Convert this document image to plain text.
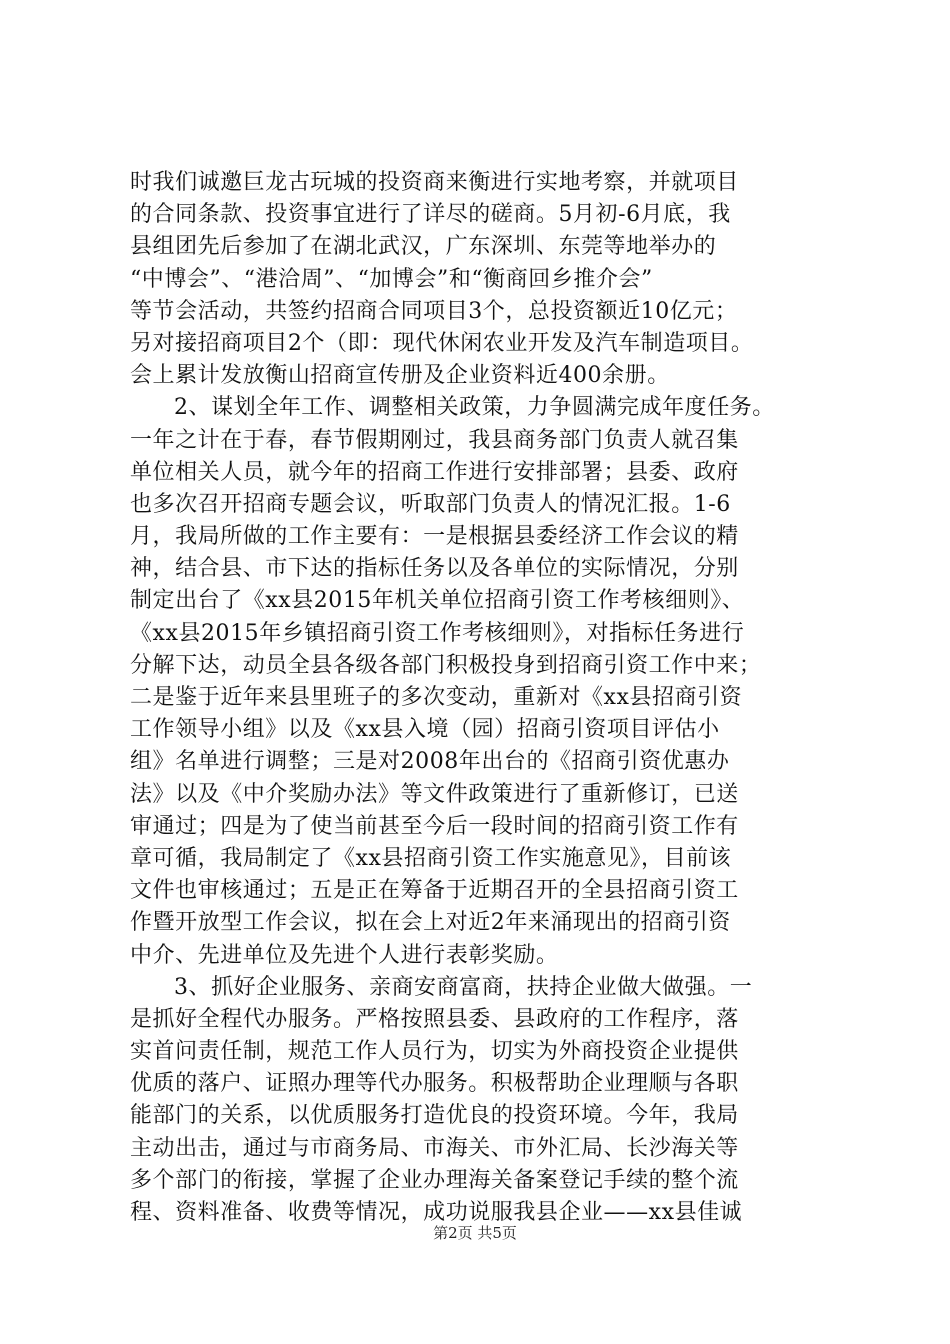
时我们诚邀巨龙古玩城的投资商来衡进行实地考察，并就项目
的合同条款、投资事宜进行了详尽的磋商。5月初-6月底，我
县组团先后参加了在湖北武汉，广东深圳、东莞等地举办的
“中博会”、“港洽周”、“加博会”和“衡商回乡推介会”
等节会活动，共签约招商合同项目3个，总投资额近10亿元；
另对接招商项目2个（即：现代休闲农业开发及汽车制造项目。
会上累计发放衡山招商宣传册及企业资料近400余册。
2、谋划全年工作、调整相关政策，力争圆满完成年度任务。
一年之计在于春，春节假期刚过，我县商务部门负责人就召集
单位相关人员，就今年的招商工作进行安排部署；县委、政府
也多次召开招商专题会议，听取部门负责人的情况汇报。1-6
月，我局所做的工作主要有：一是根据县委经济工作会议的精
神，结合县、市下达的指标任务以及各单位的实际情况，分别
制定出台了《xx县2015年机关单位招商引资工作考核细则》、
《xx县2015年乡镇招商引资工作考核细则》，对指标任务进行
分解下达，动员全县各级各部门积极投身到招商引资工作中来；
二是鉴于近年来县里班子的多次变动，重新对《xx县招商引资
工作领导小组》以及《xx县入境（园）招商引资项目评估小
组》名单进行调整；三是对2008年出台的《招商引资优惠办
法》以及《中介奖励办法》等文件政策进行了重新修订，已送
审通过；四是为了使当前甚至今后一段时间的招商引资工作有
章可循，我局制定了《xx县招商引资工作实施意见》，目前该
文件也审核通过；五是正在筹备于近期召开的全县招商引资工
作暨开放型工作会议，拟在会上对近2年来涌现出的招商引资
中介、先进单位及先进个人进行表彰奖励。
3、抓好企业服务、亲商安商富商，扶持企业做大做强。一
是抓好全程代办服务。严格按照县委、县政府的工作程序，落
实首问责任制，规范工作人员行为，切实为外商投资企业提供
优质的落户、证照办理等代办服务。积极帮助企业理顺与各职
能部门的关系，以优质服务打造优良的投资环境。今年，我局
主动出击，通过与市商务局、市海关、市外汇局、长沙海关等
多个部门的衔接，掌握了企业办理海关备案登记手续的整个流
程、资料准备、收费等情况，成功说服我县企业——xx县佳诚
第2页 共5页
